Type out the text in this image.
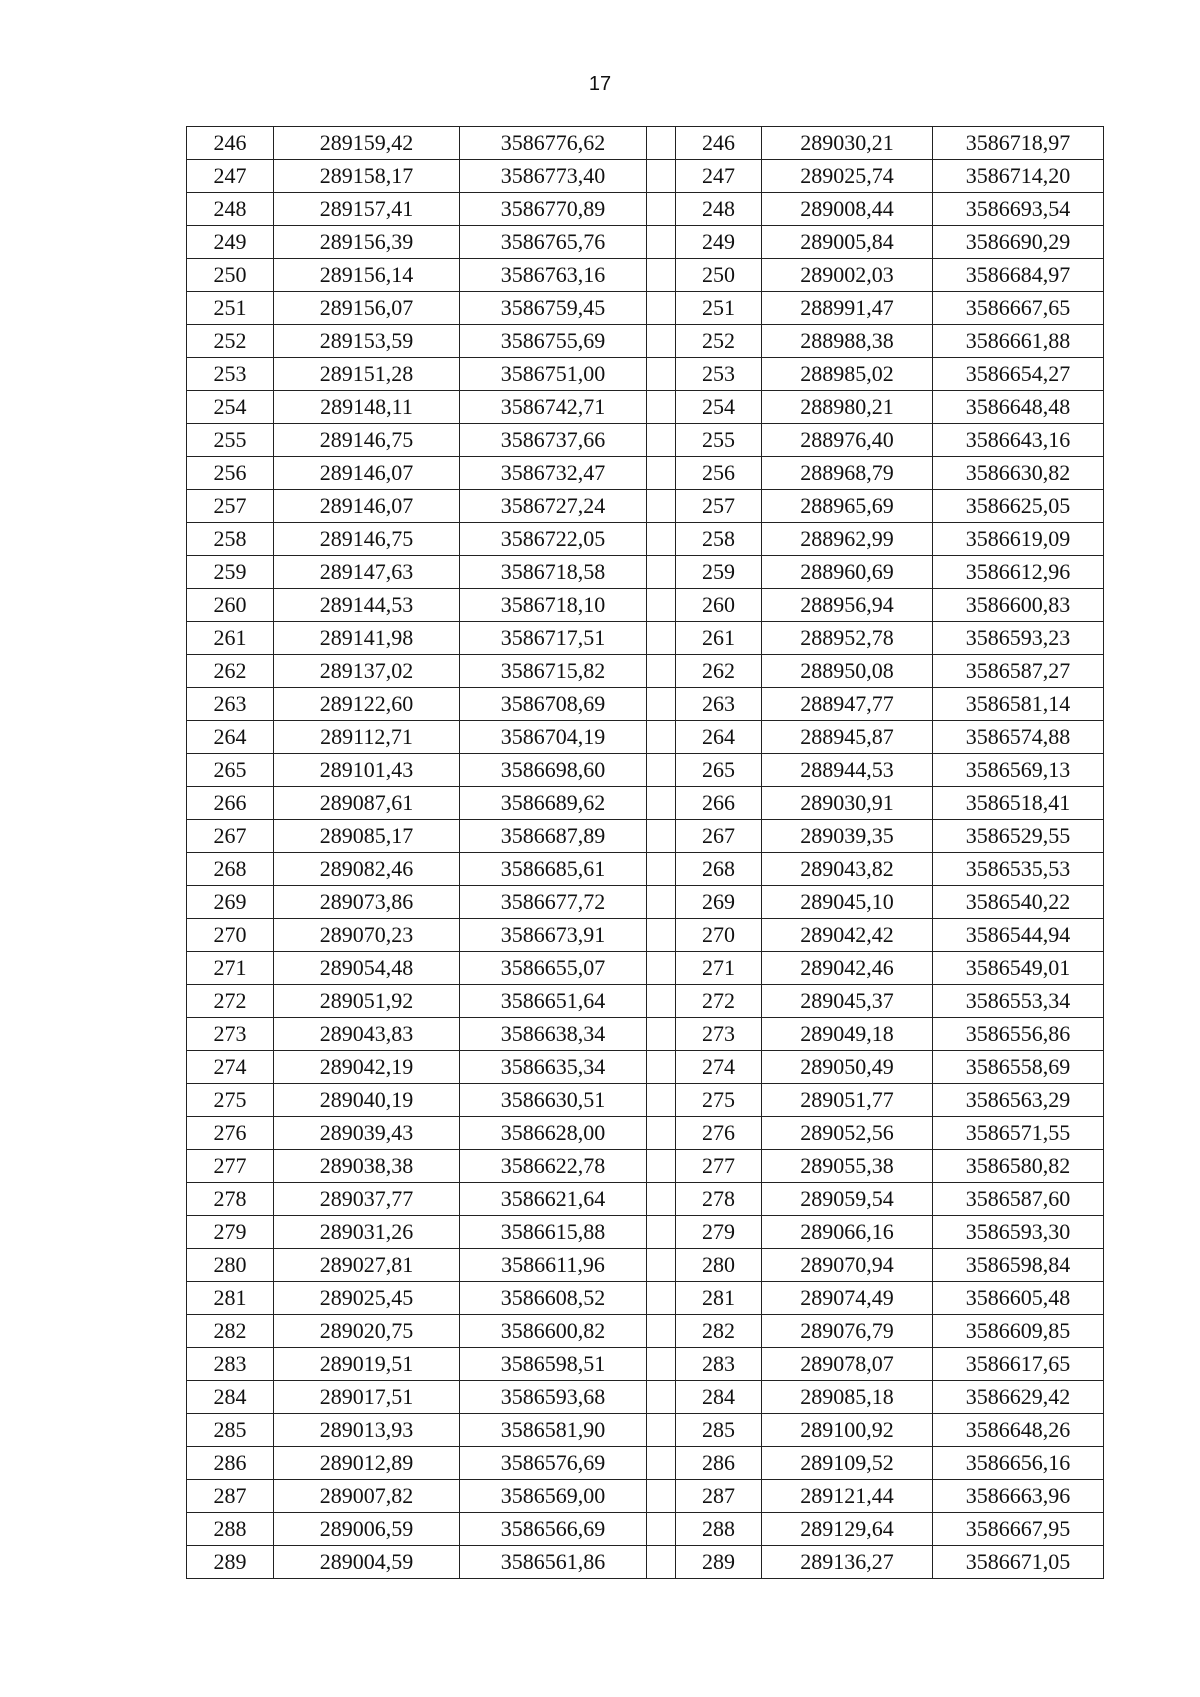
17
246	289159,42	3586776,62		246	289030,21	3586718,97
247	289158,17	3586773,40		247	289025,74	3586714,20
248	289157,41	3586770,89		248	289008,44	3586693,54
249	289156,39	3586765,76		249	289005,84	3586690,29
250	289156,14	3586763,16		250	289002,03	3586684,97
251	289156,07	3586759,45		251	288991,47	3586667,65
252	289153,59	3586755,69		252	288988,38	3586661,88
253	289151,28	3586751,00		253	288985,02	3586654,27
254	289148,11	3586742,71		254	288980,21	3586648,48
255	289146,75	3586737,66		255	288976,40	3586643,16
256	289146,07	3586732,47		256	288968,79	3586630,82
257	289146,07	3586727,24		257	288965,69	3586625,05
258	289146,75	3586722,05		258	288962,99	3586619,09
259	289147,63	3586718,58		259	288960,69	3586612,96
260	289144,53	3586718,10		260	288956,94	3586600,83
261	289141,98	3586717,51		261	288952,78	3586593,23
262	289137,02	3586715,82		262	288950,08	3586587,27
263	289122,60	3586708,69		263	288947,77	3586581,14
264	289112,71	3586704,19		264	288945,87	3586574,88
265	289101,43	3586698,60		265	288944,53	3586569,13
266	289087,61	3586689,62		266	289030,91	3586518,41
267	289085,17	3586687,89		267	289039,35	3586529,55
268	289082,46	3586685,61		268	289043,82	3586535,53
269	289073,86	3586677,72		269	289045,10	3586540,22
270	289070,23	3586673,91		270	289042,42	3586544,94
271	289054,48	3586655,07		271	289042,46	3586549,01
272	289051,92	3586651,64		272	289045,37	3586553,34
273	289043,83	3586638,34		273	289049,18	3586556,86
274	289042,19	3586635,34		274	289050,49	3586558,69
275	289040,19	3586630,51		275	289051,77	3586563,29
276	289039,43	3586628,00		276	289052,56	3586571,55
277	289038,38	3586622,78		277	289055,38	3586580,82
278	289037,77	3586621,64		278	289059,54	3586587,60
279	289031,26	3586615,88		279	289066,16	3586593,30
280	289027,81	3586611,96		280	289070,94	3586598,84
281	289025,45	3586608,52		281	289074,49	3586605,48
282	289020,75	3586600,82		282	289076,79	3586609,85
283	289019,51	3586598,51		283	289078,07	3586617,65
284	289017,51	3586593,68		284	289085,18	3586629,42
285	289013,93	3586581,90		285	289100,92	3586648,26
286	289012,89	3586576,69		286	289109,52	3586656,16
287	289007,82	3586569,00		287	289121,44	3586663,96
288	289006,59	3586566,69		288	289129,64	3586667,95
289	289004,59	3586561,86		289	289136,27	3586671,05
